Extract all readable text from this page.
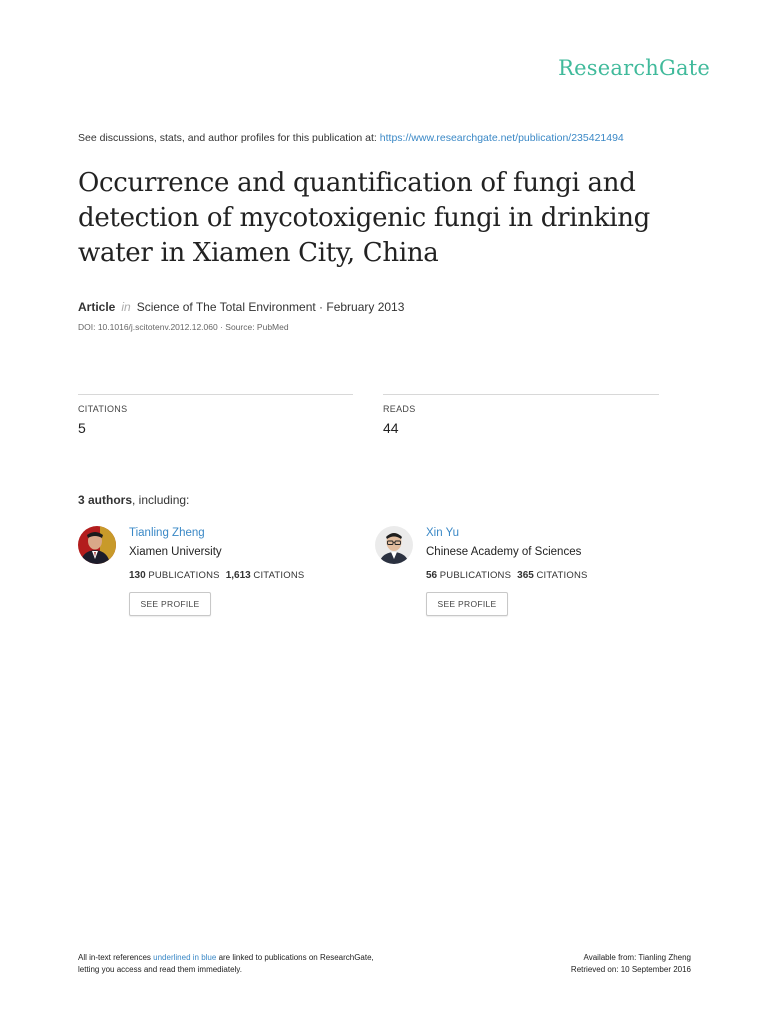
ResearchGate
See discussions, stats, and author profiles for this publication at: https://www.researchgate.net/publication/235421494
Occurrence and quantification of fungi and detection of mycotoxigenic fungi in drinking water in Xiamen City, China
Article in Science of The Total Environment · February 2013
DOI: 10.1016/j.scitotenv.2012.12.060 · Source: PubMed
CITATIONS
5
READS
44
3 authors, including:
Tianling Zheng
Xiamen University
130 PUBLICATIONS 1,613 CITATIONS
SEE PROFILE
Xin Yu
Chinese Academy of Sciences
56 PUBLICATIONS 365 CITATIONS
SEE PROFILE
All in-text references underlined in blue are linked to publications on ResearchGate,
letting you access and read them immediately.
Available from: Tianling Zheng
Retrieved on: 10 September 2016
